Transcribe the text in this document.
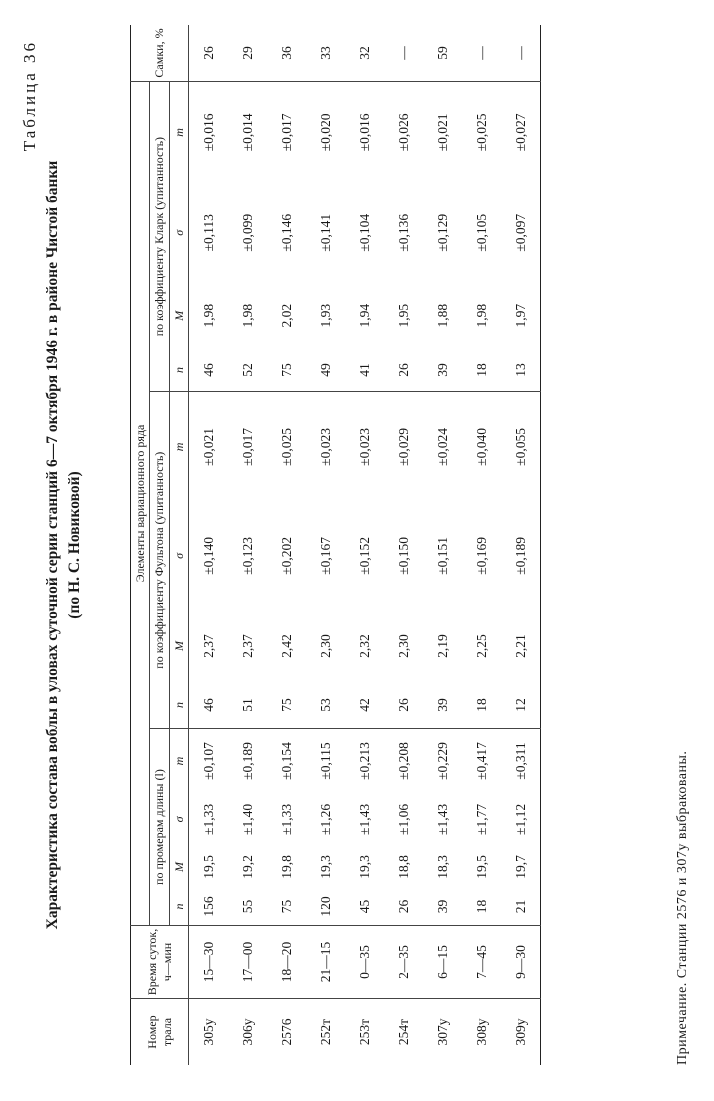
Таблица 36
Характеристика состава воблы в уловах суточной серии станций 6—7 октября 1946 г. в районе Чистой банки (по Н. С. Новиковой)
Номер трала	Время суток, ч—мин	Элементы вариационного ряда												Самки, %
		по промерам длины (l)				по коэффициенту Фультона (упитанность)				по коэффициенту Кларк (упитанность)				
		n	M	σ	m	n	M	σ	m	n	M	σ	m	
305у	15—30	156	19,5	±1,33	±0,107	46	2,37	±0,140	±0,021	46	1,98	±0,113	±0,016	26
306у	17—00	55	19,2	±1,40	±0,189	51	2,37	±0,123	±0,017	52	1,98	±0,099	±0,014	29
2576	18—20	75	19,8	±1,33	±0,154	75	2,42	±0,202	±0,025	75	2,02	±0,146	±0,017	36
252т	21—15	120	19,3	±1,26	±0,115	53	2,30	±0,167	±0,023	49	1,93	±0,141	±0,020	33
253т	0—35	45	19,3	±1,43	±0,213	42	2,32	±0,152	±0,023	41	1,94	±0,104	±0,016	32
254т	2—35	26	18,8	±1,06	±0,208	26	2,30	±0,150	±0,029	26	1,95	±0,136	±0,026	—
307у	6—15	39	18,3	±1,43	±0,229	39	2,19	±0,151	±0,024	39	1,88	±0,129	±0,021	59
308у	7—45	18	19,5	±1,77	±0,417	18	2,25	±0,169	±0,040	18	1,98	±0,105	±0,025	—
309у	9—30	21	19,7	±1,12	±0,311	12	2,21	±0,189	±0,055	13	1,97	±0,097	±0,027	—
Примечание. Станции 2576 и 307у выбракованы.
